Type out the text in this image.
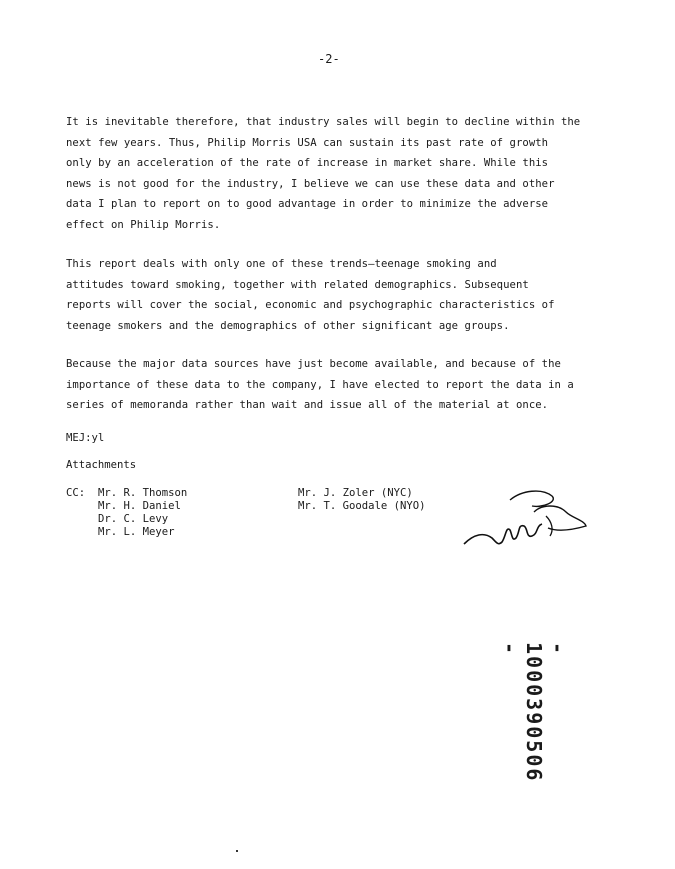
-2-

It is inevitable therefore, that industry sales will begin to decline within the
next few years. Thus, Philip Morris USA can sustain its past rate of growth
only by an acceleration of the rate of increase in market share. While this
news is not good for the industry, I believe we can use these data and other
data I plan to report on to good advantage in order to minimize the adverse
effect on Philip Morris.

This report deals with only one of these trends—teenage smoking and
attitudes toward smoking, together with related demographics. Subsequent
reports will cover the social, economic and psychographic characteristics of
teenage smokers and the demographics of other significant age groups.

Because the major data sources have just become available, and because of the
importance of these data to the company, I have elected to report the data in a
series of memoranda rather than wait and issue all of the material at once.

MEJ:yl
Attachments
CC: Mr. R. Thomson
Mr. H. Daniel
Dr. C. Levy
Mr. L. Meyer
Mr. J. Zoler (NYC)
Mr. T. Goodale (NYO)
- 1000390506 -
